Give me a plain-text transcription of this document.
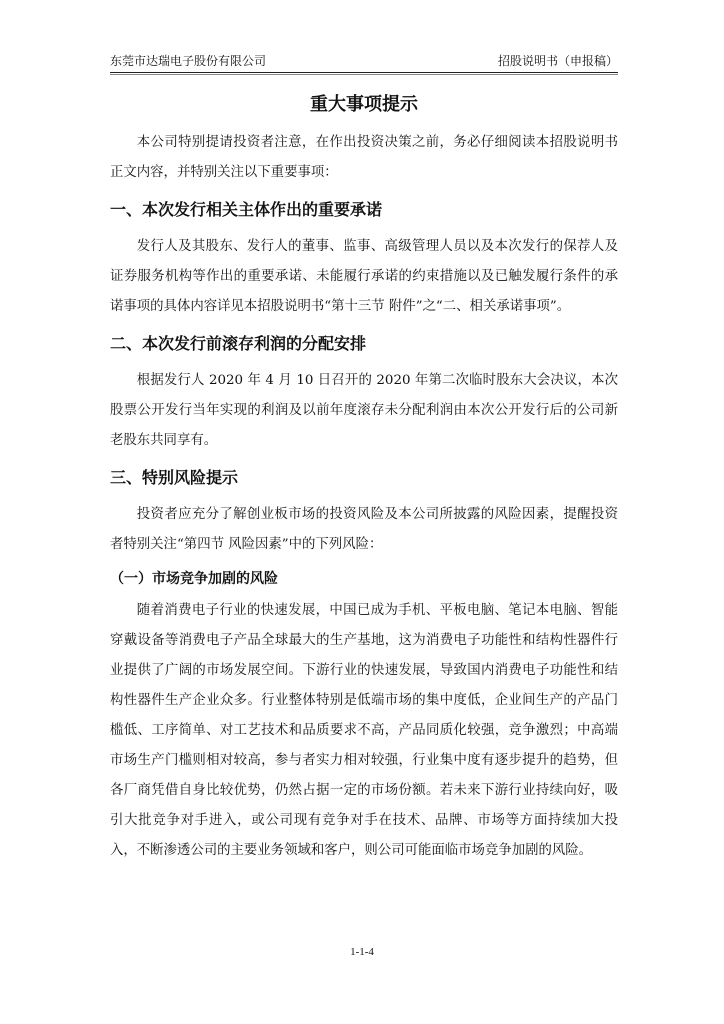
东莞市达瑞电子股份有限公司	招股说明书（申报稿）
重大事项提示

本公司特别提请投资者注意，在作出投资决策之前，务必仔细阅读本招股说明书正文内容，并特别关注以下重要事项：

一、本次发行相关主体作出的重要承诺

发行人及其股东、发行人的董事、监事、高级管理人员以及本次发行的保荐人及证券服务机构等作出的重要承诺、未能履行承诺的约束措施以及已触发履行条件的承诺事项的具体内容详见本招股说明书“第十三节 附件”之“二、相关承诺事项”。

二、本次发行前滚存利润的分配安排

根据发行人 2020 年 4 月 10 日召开的 2020 年第二次临时股东大会决议，本次股票公开发行当年实现的利润及以前年度滚存未分配利润由本次公开发行后的公司新老股东共同享有。

三、特别风险提示

投资者应充分了解创业板市场的投资风险及本公司所披露的风险因素，提醒投资者特别关注“第四节 风险因素”中的下列风险：

（一）市场竞争加剧的风险

随着消费电子行业的快速发展，中国已成为手机、平板电脑、笔记本电脑、智能穿戴设备等消费电子产品全球最大的生产基地，这为消费电子功能性和结构性器件行业提供了广阔的市场发展空间。下游行业的快速发展，导致国内消费电子功能性和结构性器件生产企业众多。行业整体特别是低端市场的集中度低，企业间生产的产品门槛低、工序简单、对工艺技术和品质要求不高，产品同质化较强，竞争激烈；中高端市场生产门槛则相对较高，参与者实力相对较强，行业集中度有逐步提升的趋势，但各厂商凭借自身比较优势，仍然占据一定的市场份额。若未来下游行业持续向好，吸引大批竞争对手进入，或公司现有竞争对手在技术、品牌、市场等方面持续加大投入，不断渗透公司的主要业务领域和客户，则公司可能面临市场竞争加剧的风险。

1-1-4
